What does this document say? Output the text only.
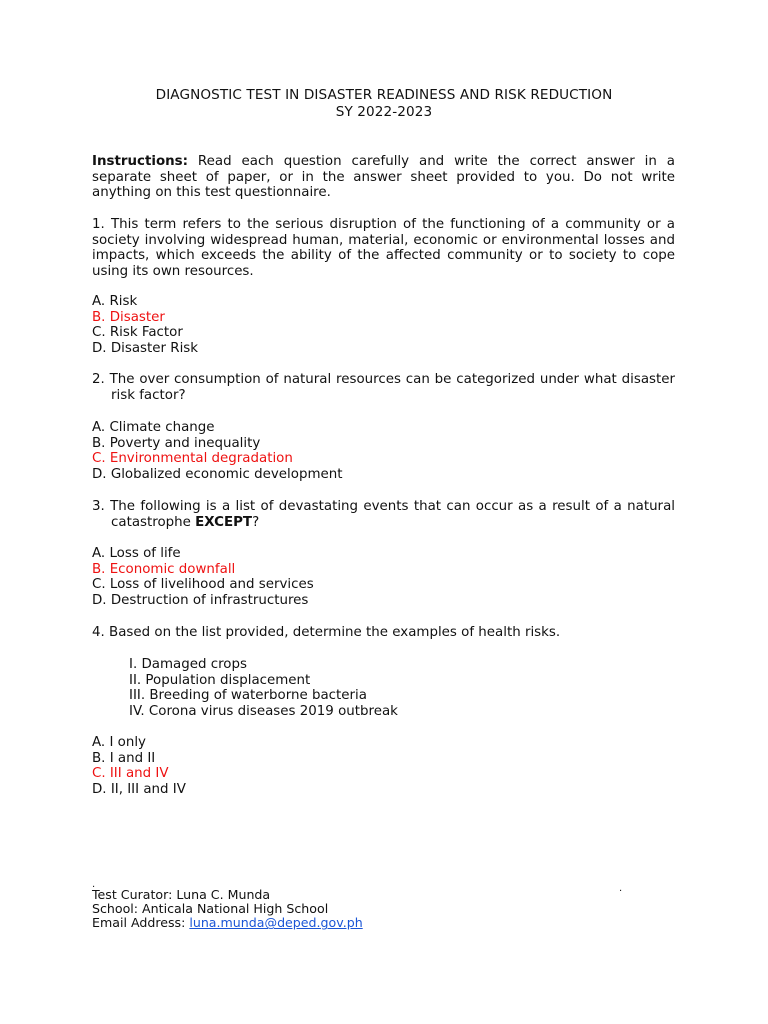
DIAGNOSTIC TEST IN DISASTER READINESS AND RISK REDUCTION
SY 2022-2023
Instructions: Read each question carefully and write the correct answer in a separate sheet of paper, or in the answer sheet provided to you. Do not write anything on this test questionnaire.
1. This term refers to the serious disruption of the functioning of a community or a society involving widespread human, material, economic or environmental losses and impacts, which exceeds the ability of the affected community or to society to cope using its own resources.
A. Risk
B. Disaster
C. Risk Factor
D. Disaster Risk
2. The over consumption of natural resources can be categorized under what disaster risk factor?
A. Climate change
B. Poverty and inequality
C. Environmental degradation
D. Globalized economic development
3. The following is a list of devastating events that can occur as a result of a natural catastrophe EXCEPT?
A. Loss of life
B. Economic downfall
C. Loss of livelihood and services
D. Destruction of infrastructures
4. Based on the list provided, determine the examples of health risks.
I. Damaged crops
II. Population displacement
III. Breeding of waterborne bacteria
IV. Corona virus diseases 2019 outbreak
A. I only
B. I and II
C. III and IV
D. II, III and IV
.	.
Test Curator: Luna C. Munda
School: Anticala National High School
Email Address: luna.munda@deped.gov.ph
